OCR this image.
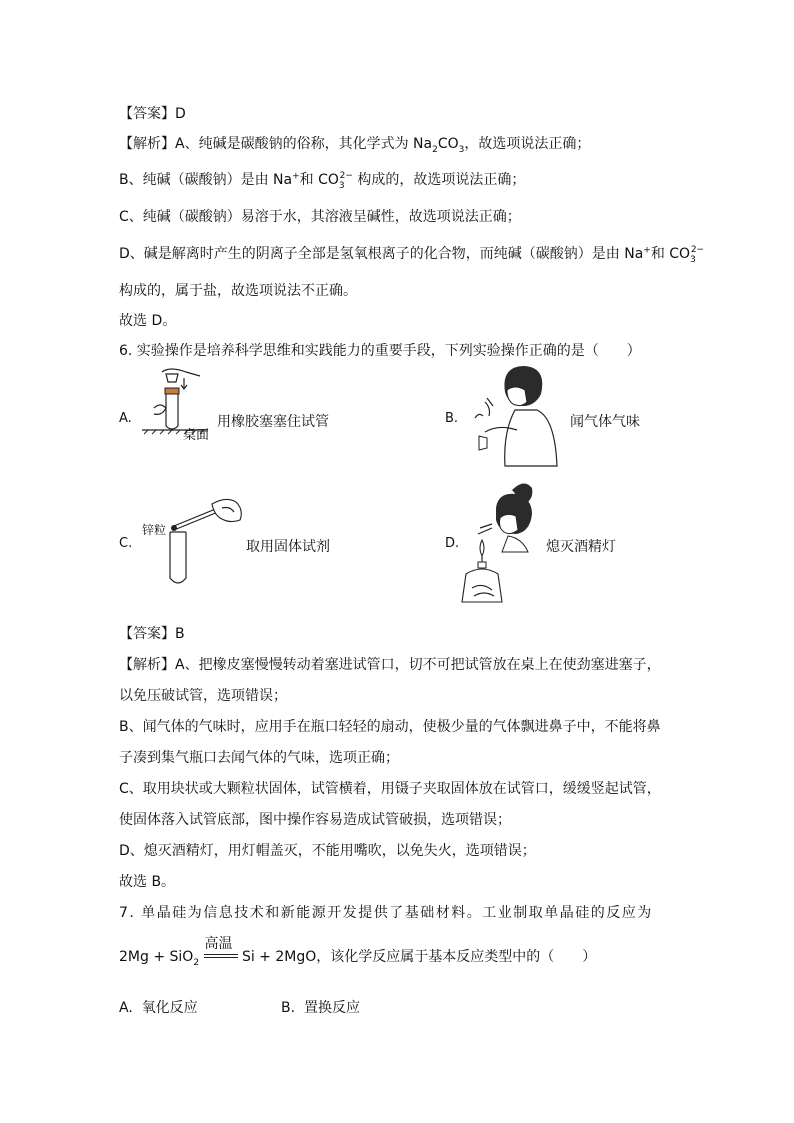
【答案】D
【解析】A、纯碱是碳酸钠的俗称，其化学式为 $Na_2CO_3$，故选项说法正确；
B、纯碱（碳酸钠）是由 Na+和 $CO_3^{2-}$ 构成的，故选项说法正确；
C、纯碱（碳酸钠）易溶于水，其溶液呈碱性，故选项说法正确；
D、碱是解离时产生的阴离子全部是氢氧根离子的化合物，而纯碱（碳酸钠）是由 Na+和 $CO_3^{2-}$
构成的，属于盐，故选项说法不正确。
故选 D。
6. 实验操作是培养科学思维和实践能力的重要手段，下列实验操作正确的是（　　）
A.
桌面
用橡胶塞塞住试管	B.	闻气体气味
C.
锌粒
取用固体试剂	D.	熄灭酒精灯
【答案】B
【解析】A、把橡皮塞慢慢转动着塞进试管口，切不可把试管放在桌上在使劲塞进塞子，
以免压破试管，选项错误；
B、闻气体的气味时，应用手在瓶口轻轻的扇动，使极少量的气体飘进鼻子中，不能将鼻
子凑到集气瓶口去闻气体的气味，选项正确；
C、取用块状或大颗粒状固体，试管横着，用镊子夹取固体放在试管口，缓缓竖起试管，
使固体落入试管底部，图中操作容易造成试管破损，选项错误；
D、熄灭酒精灯，用灯帽盖灭，不能用嘴吹，以免失火，选项错误；
故选 B。
7. 单晶硅为信息技术和新能源开发提供了基础材料。工业制取单晶硅的反应为
2Mg + SiO$_2$
高温
Si + 2MgO，该化学反应属于基本反应类型中的（　　）
A. 氧化反应	B. 置换反应
